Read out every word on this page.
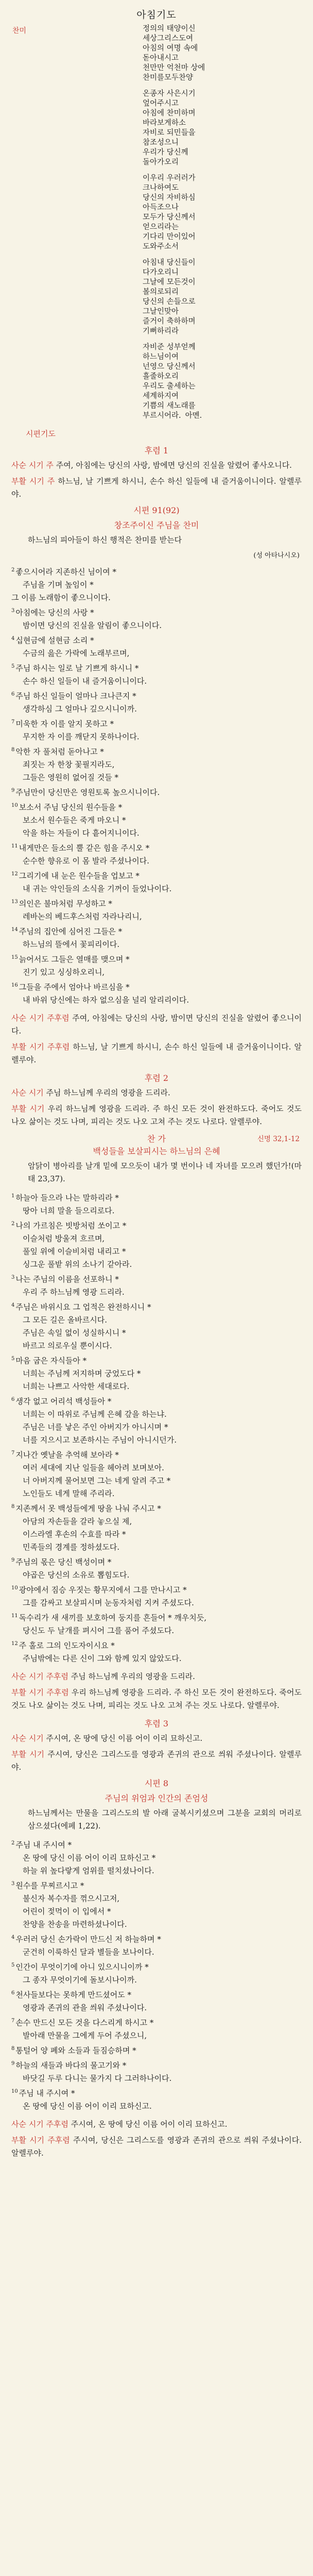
아침기도
찬미	정의의 태양이신
세상그리스도여
아침의 여명 속에
돋아내시고
천만만 억천마 상에
찬미를모두찬양
온종자 사은시기
엎어주시고
아침에 찬미하며
바라보게하소
자비로 되민들을
참조성으니
우리가 당신께
돌아가오리
이우리 우러러가
크나하여도
당신의 자비하심
아득조으나
모두가 당신께서
얻으리라는
기다리 만이있어
도와주소서
아침내 당신들이
다가오리니
그날에 모든것이
볼의로되리
당신의 손들으로
그날인맞아
즐거이 축하하며
기뻐하리라
자비준 성부얻께
하느님이여
넌영으 당신께서
흘줄하오리
우리도 출세하는
세계하지여
기쁨의 새노래를
부르시어라. 아멘.
시편기도
후렴 1
사순 시기 주 주여, 아침에는 당신의 사랑, 밤에면 당신의 진실을 알렸어 좋사오니다.
부활 시기 주 하느님, 날 기쁘게 하시니, 손수 하신 일들에 내 즐거움이니이다. 알렐루야.
시편 91(92)
창조주이신 주님을 찬미
하느님의 피아들이 하신 행적은 찬미를 받는다
(성 아타나시오)
$^2$ 좋으시어라 지존하신 님이여 *
주님을 기며 높임이 *
그 이름 노래함이 좋으니이다.
$^3$ 아침에는 당신의 사랑 *
밤이면 당신의 진실을 알림이 좋으니이다.
$^4$ 십현금에 설현금 소리 *
수금의 읊은 가락에 노래부르며,
$^5$ 주님 하시는 일로 날 기쁘게 하시니 *
손수 하신 일들이 내 즐거움이니이다.
$^6$ 주님 하신 일들이 얼마나 크나큰지 *
생각하심 그 얼마나 깊으시니이까.
$^7$ 미욱한 자 이를 알지 못하고 *
무지한 자 이를 깨닫지 못하나이다.
$^8$ 악한 자 풀처럼 돋아나고 *
죄짓는 자 한창 꽃필지라도,
그들은 영원히 없어질 것들 *
$^9$ 주님만이 당신만은 영원토록 높으시니이다.
$^{10}$ 보소서 주님 당신의 원수들을 *
보소서 원수들은 죽게 마오니 *
악을 하는 자들이 다 흩어지니이다.
$^{11}$ 내게만은 들소의 뿔 같은 힘을 주시오 *
순수한 향유로 이 몸 발라 주셨나이다.
$^{12}$ 그리기에 내 눈은 원수들을 업보고 *
내 귀는 악인들의 소식을 기꺼이 들었나이다.
$^{13}$ 의인은 불마처럼 무성하고 *
레바논의 베드후스처럼 자라나리니,
$^{14}$ 주님의 집안에 심어진 그들은 *
하느님의 뜰에서 꽃피리이다.
$^{15}$ 늙어서도 그들은 열매를 맺으며 *
진기 있고 싱싱하오리니,
$^{16}$ 그들을 주에서 엄아나 바르심을 *
내 바위 당신에는 하자 없으심을 널리 알리리이다.
사순 시기 주후렴 주여, 아침에는 당신의 사랑, 밤이면 당신의 진실을 알렸어 좋으니이다.
부활 시기 주후렴 하느님, 날 기쁘게 하시니, 손수 하신 일들에 내 즐거움이니이다. 알렐루야.
후렴 2
사순 시기 주님 하느님께 우리의 영광을 드리라.
부활 시기 우리 하느님께 영광을 드리라. 주 하신 모든 것이 완전하도다. 죽어도 것도 나오 삶이는 것도 나며, 피리는 것도 나오 고쳐 주는 것도 나로다. 알렐루야.
찬 가	신명 32,1-12
백성들을 보살피시는 하느님의 은혜
암닭이 병아리를 날개 밑에 모으듯이 내가 몇 번이나 네 자녀를 모으려 했던가!(마태 23,37).
$^1$ 하늘아 들으라 나는 말하리라 *
땅아 너희 말을 들으리로다.
$^2$ 나의 가르침은 빗방처럼 쏘이고 *
이슬처럼 방울져 흐르며,
풀잎 위에 이슬비처럼 내리고 *
싱그운 풀밭 위의 소나기 같아라.
$^3$ 나는 주님의 이름을 선포하니 *
우리 주 하느님께 영광 드리라.
$^4$ 주님은 바위시요 그 업적은 완전하시니 *
그 모든 길은 올바르시다.
주님은 속일 없이 성실하시니 *
바르고 의로우실 뿐이시다.
$^5$ 마음 굽은 자식들아 *
너희는 주님께 저지하며 궁었도다 *
너희는 나쁘고 사악한 세대로다.
$^6$ 생각 없고 어리석 백성들아 *
너희는 이 따위로 주님께 은혜 갚을 하는냐.
주님은 너를 낳은 주인 아버지가 아니시며 *
너를 지으시고 보존하시는 주님이 아니시던가.
$^7$ 지나간 옛날을 추억해 보아라 *
여러 세대에 지난 일들을 헤아려 보며보아.
너 아버지께 물어보면 그는 네게 알려 주고 *
노인들도 네게 말해 주리라.
$^8$ 지존께서 못 백성들에게 땅을 나눠 주시고 *
아담의 자손들을 갈라 놓으실 제,
이스라엘 후손의 수효를 따라 *
민족들의 경계를 정하셨도다.
$^9$ 주님의 몫은 당신 백성이며 *
야곱은 당신의 소유로 뽑힘도다.
$^{10}$ 광야에서 짐승 우짓는 황무지에서 그를 만나시고 *
그를 감싸고 보살피시며 눈동자처럼 지켜 주셨도다.
$^{11}$ 독수리가 새 새끼를 보호하여 둥지를 흔들어 * 깨우치듯,
당신도 두 날개를 펴시어 그를 품어 주셨도다.
$^{12}$ 주 홀로 그의 인도자이시요 *
주님밖에는 다른 신이 그와 함께 있지 않았도다.
사순 시기 주후렴 주님 하느님께 우리의 영광을 드리라.
부활 시기 주후렴 우리 하느님께 영광을 드리라. 주 하신 모든 것이 완전하도다. 죽어도 것도 나오 삶이는 것도 나며, 피리는 것도 나오 고쳐 주는 것도 나로다. 알렐루야.
후렴 3
사순 시기 주시여, 온 땅에 당신 이름 어이 이리 묘하신고.
부활 시기 주시여, 당신은 그리스도를 영광과 존귀의 관으로 씌워 주셨나이다. 알렐루야.
시편 8
주님의 위엄과 인간의 존엄성
하느님께서는 만물을 그리스도의 발 아래 굴복시키셨으며 그분을 교회의 머리로 삼으셨다(에페 1,22).
$^2$ 주님 내 주시여 *
온 땅에 당신 이름 어이 이리 묘하신고 *
하늘 위 높다랗게 엄위를 떨치셨나이다.
$^3$ 원수를 무찌르시고 *
불신자 복수자를 꺾으시고저,
어린이 젖먹이 이 입에서 *
찬양을 찬송을 마련하셨나이다.
$^4$ 우러러 당신 손가락이 만드신 저 하늘하며 *
굳건히 이룩하신 달과 별들을 보나이다.
$^5$ 인간이 무엇이기에 아니 있으시니이까 *
그 종자 무엇이기에 돌보시나이까.
$^6$ 천사들보다는 못하게 만드셨어도 *
영광과 존귀의 관을 씌워 주셨나이다.
$^7$ 손수 만드신 모든 것을 다스리게 하시고 *
발아래 만물을 그에게 두어 주셨으니,
$^8$ 통털어 양 폐와 소들과 들짐승하며 *
$^9$ 하늘의 새들과 바다의 물고기와 *
바닷길 두루 다니는 물가지 다 그러하나이다.
$^{10}$ 주님 내 주시여 *
온 땅에 당신 이름 어이 이리 묘하신고.
사순 시기 주후렴 주시여, 온 땅에 당신 이름 어이 이리 묘하신고.
부활 시기 주후렴 주시여, 당신은 그리스도를 영광과 존귀의 관으로 씌워 주셨나이다. 알렐루야.
